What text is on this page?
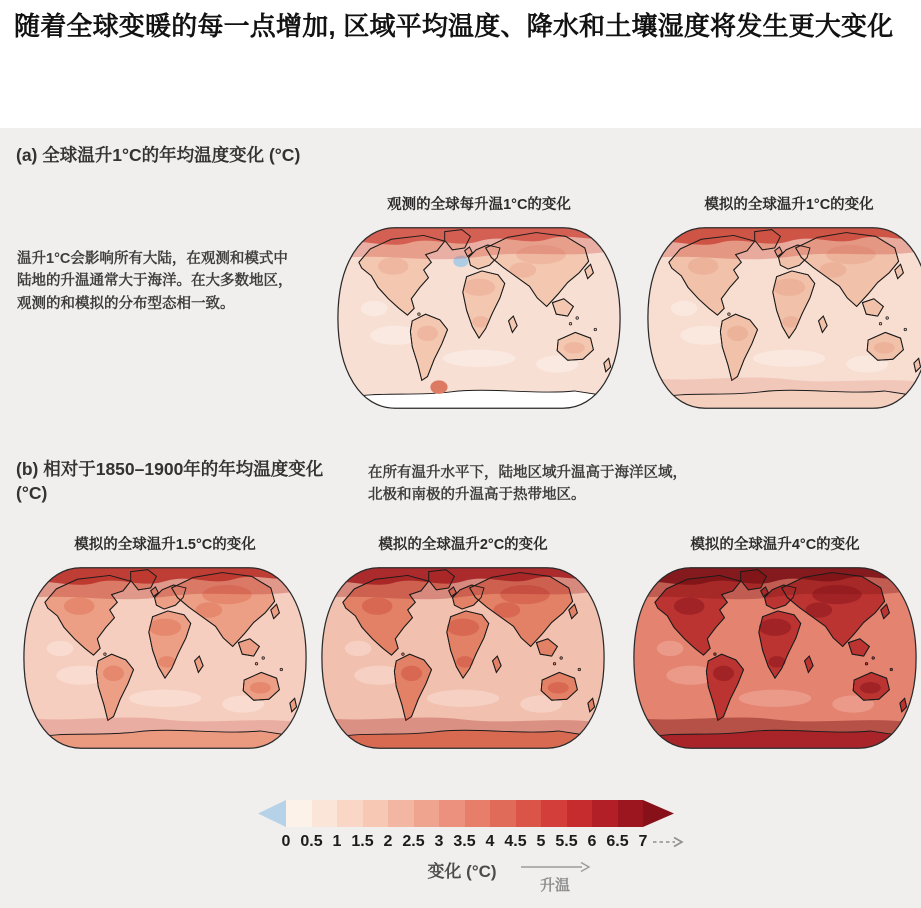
随着全球变暖的每一点增加, 区域平均温度、降水和土壤湿度将发生更大变化
(a) 全球温升1°C的年均温度变化 (°C)
温升1°C会影响所有大陆，在观测和模式中陆地的升温通常大于海洋。在大多数地区，观测的和模拟的分布型态相一致。
观测的全球每升温1°C的变化	模拟的全球温升1°C的变化
(b) 相对于1850–1900年的年均温度变化
(°C)
在所有温升水平下，陆地区域升温高于海洋区域，北极和南极的升温高于热带地区。
模拟的全球温升1.5°C的变化	模拟的全球温升2°C的变化	模拟的全球温升4°C的变化
0 0.5 1 1.5 2 2.5 3 3.5 4 4.5 5 5.5 6 6.5 7
变化 (°C)
升温
